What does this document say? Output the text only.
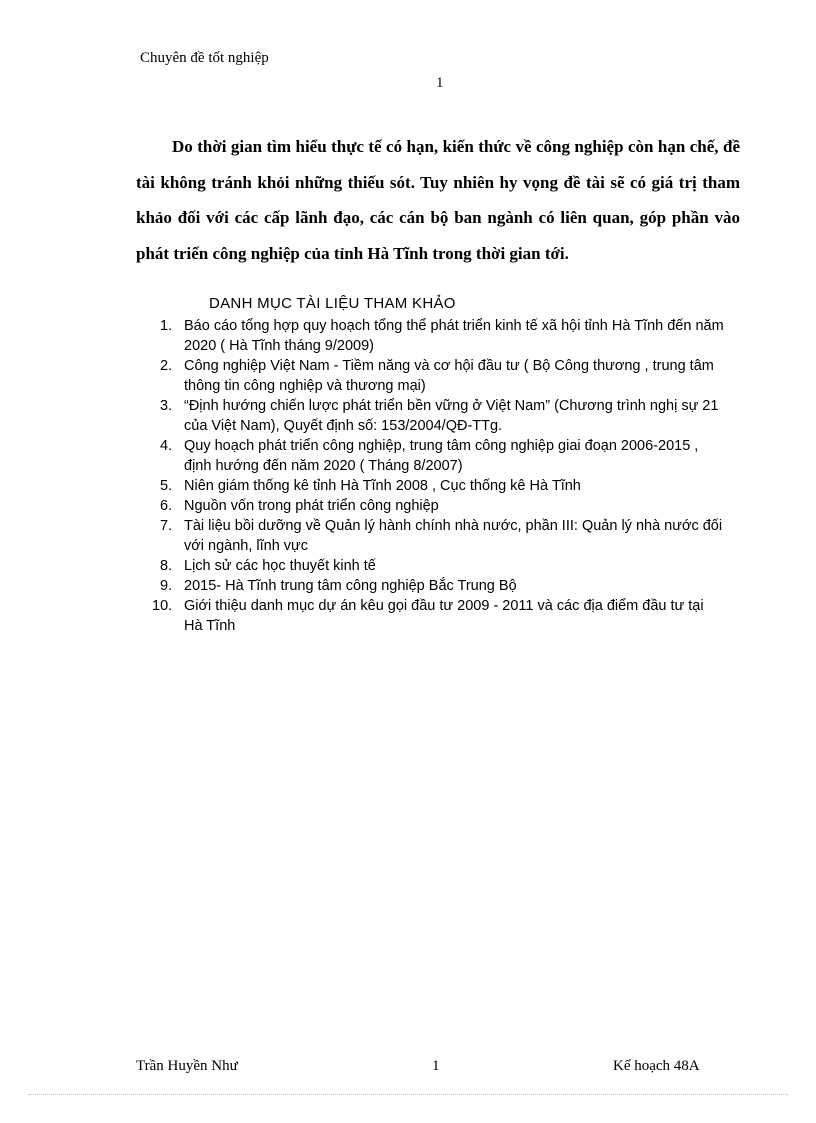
Chuyên đề tốt nghiệp
1

Do thời gian tìm hiểu thực tế có hạn, kiến thức về công nghiệp còn hạn chế, đề tài không tránh khỏi những thiếu sót. Tuy nhiên hy vọng đề tài sẽ có giá trị tham khảo đối với các cấp lãnh đạo, các cán bộ ban ngành có liên quan, góp phần vào phát triển công nghiệp của tỉnh Hà Tĩnh trong thời gian tới.

DANH MỤC TÀI LIỆU THAM KHẢO
1. Báo cáo tổng hợp quy hoạch tổng thể phát triển kinh tế xã hội tỉnh Hà Tĩnh đến năm 2020 ( Hà Tĩnh tháng 9/2009)
2. Công nghiệp Việt Nam - Tiềm năng và cơ hội đầu tư ( Bộ Công thương , trung tâm thông tin công nghiệp và thương mại)
3. “Định hướng chiến lược phát triển bền vững ở Việt Nam” (Chương trình nghị sự 21 của Việt Nam), Quyết định số: 153/2004/QĐ-TTg.
4. Quy hoạch phát triển công nghiệp, trung tâm công nghiệp giai đoạn 2006-2015 , định hướng đến năm 2020 ( Tháng 8/2007)
5. Niên giám thống kê tỉnh Hà Tĩnh 2008 , Cục thống kê Hà Tĩnh
6. Nguồn vốn trong phát triển công nghiệp
7. Tài liệu bồi dưỡng về Quản lý hành chính nhà nước, phần III: Quản lý nhà nước đối với ngành, lĩnh vực
8. Lịch sử các học thuyết kinh tế
9. 2015- Hà Tĩnh trung tâm công nghiệp Bắc Trung Bộ
10. Giới thiệu danh mục dự án kêu gọi đầu tư 2009 - 2011 và các địa điểm đầu tư tại Hà Tĩnh
Trần Huyền Như	1	Kế hoạch 48A
